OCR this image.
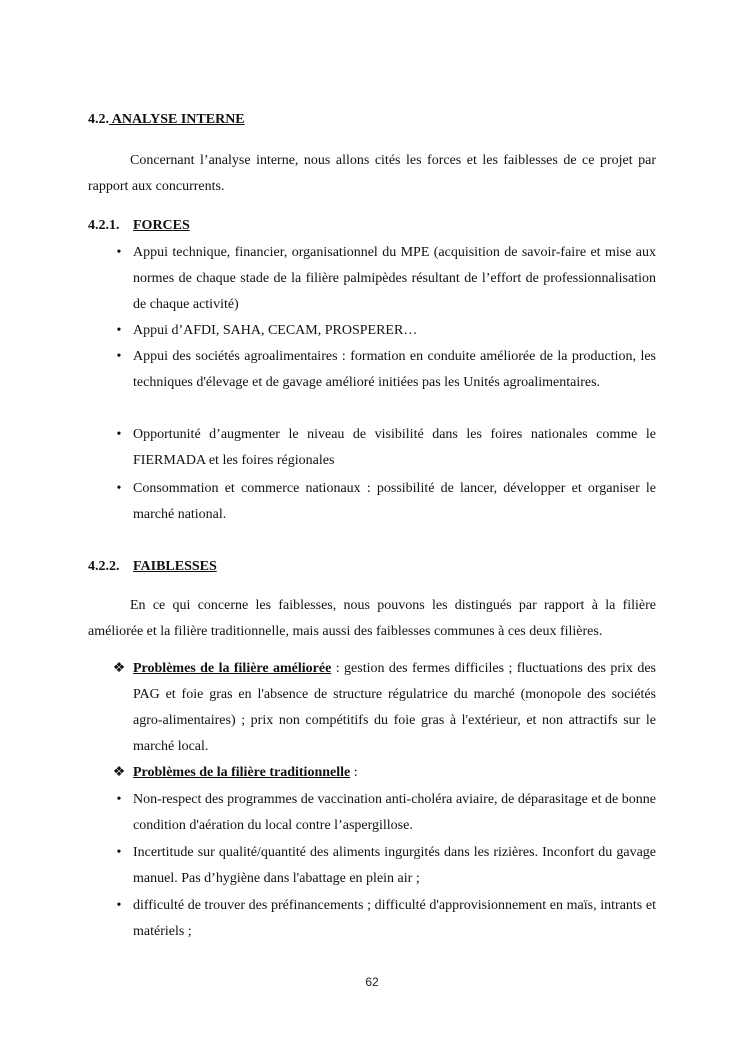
4.2. ANALYSE INTERNE
Concernant l’analyse interne, nous allons cités les forces et les faiblesses de ce projet par rapport aux concurrents.
4.2.1. FORCES
• Appui technique, financier, organisationnel du MPE (acquisition de savoir-faire et mise aux normes de chaque stade de la filière palmipèdes résultant de l’effort de professionnalisation de chaque activité)
• Appui d’AFDI, SAHA, CECAM, PROSPERER…
• Appui des sociétés agroalimentaires : formation en conduite améliorée de la production, les techniques d'élevage et de gavage amélioré initiées pas les Unités agroalimentaires.
• Opportunité d’augmenter le niveau de visibilité dans les foires nationales comme le FIERMADA et les foires régionales
• Consommation et commerce nationaux : possibilité de lancer, développer et organiser le marché national.
4.2.2. FAIBLESSES
En ce qui concerne les faiblesses, nous pouvons les distingués par rapport à la filière améliorée et la filière traditionnelle, mais aussi des faiblesses communes à ces deux filières.
❖ Problèmes de la filière améliorée : gestion des fermes difficiles ; fluctuations des prix des PAG et foie gras en l'absence de structure régulatrice du marché (monopole des sociétés agro-alimentaires) ; prix non compétitifs du foie gras à l'extérieur, et non attractifs sur le marché local.
❖ Problèmes de la filière traditionnelle :
• Non-respect des programmes de vaccination anti-choléra aviaire, de déparasitage et de bonne condition d'aération du local contre l’aspergillose.
• Incertitude sur qualité/quantité des aliments ingurgités dans les rizières. Inconfort du gavage manuel. Pas d’hygiène dans l'abattage en plein air ;
• difficulté de trouver des préfinancements ; difficulté d'approvisionnement en maïs, intrants et matériels ;
62
